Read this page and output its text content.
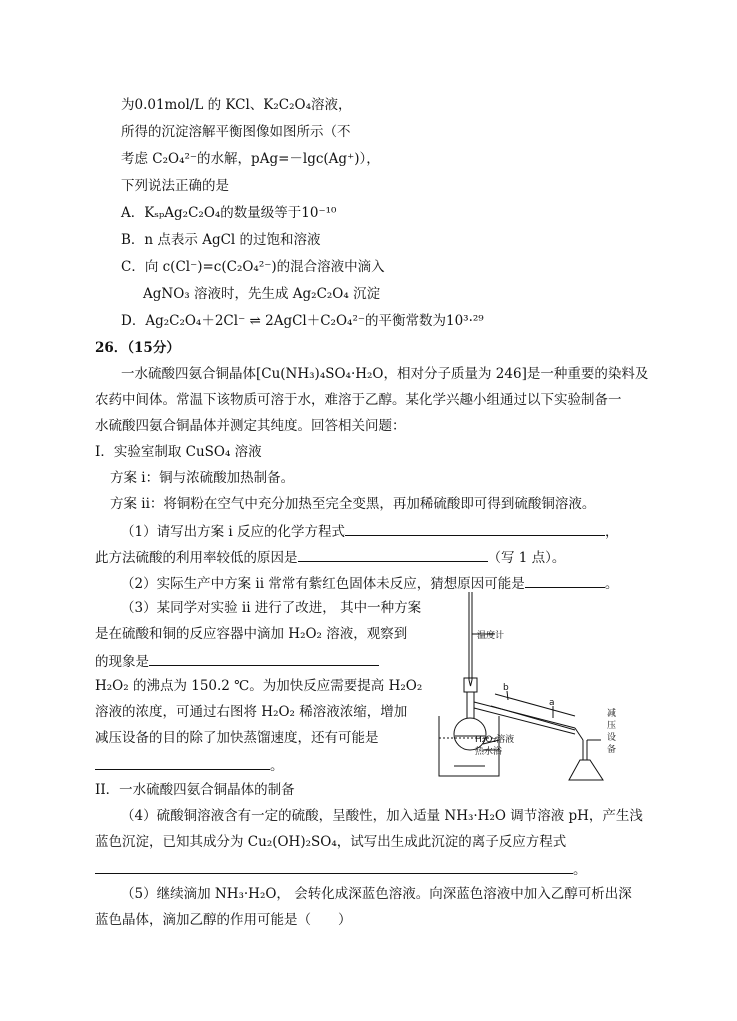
为0.01mol/L 的 KCl、K₂C₂O₄溶液，
所得的沉淀溶解平衡图像如图所示（不
考虑 C₂O₄²⁻的水解，pAg=－lgc(Ag⁺)），
下列说法正确的是
A．KₛₚAg₂C₂O₄的数量级等于10⁻¹⁰
B．n 点表示 AgCl 的过饱和溶液
C．向 c(Cl⁻)=c(C₂O₄²⁻)的混合溶液中滴入
AgNO₃ 溶液时，先生成 Ag₂C₂O₄ 沉淀
D．Ag₂C₂O₄＋2Cl⁻ ⇌ 2AgCl＋C₂O₄²⁻的平衡常数为10³·²⁹
26．（15分）
一水硫酸四氨合铜晶体[Cu(NH₃)₄SO₄·H₂O，相对分子质量为 246]是一种重要的染料及
农药中间体。常温下该物质可溶于水，难溶于乙醇。某化学兴趣小组通过以下实验制备一
水硫酸四氨合铜晶体并测定其纯度。回答相关问题：
I．实验室制取 CuSO₄ 溶液
方案 i：铜与浓硫酸加热制备。
方案 ii：将铜粉在空气中充分加热至完全变黑，再加稀硫酸即可得到硫酸铜溶液。
（1）请写出方案 i 反应的化学方程式	，
此方法硫酸的利用率较低的原因是	（写 1 点）。
（2）实际生产中方案 ii 常常有紫红色固体未反应，猜想原因可能是	。
（3）某同学对实验 ii 进行了改进， 其中一种方案
是在硫酸和铜的反应容器中滴加 H₂O₂ 溶液，观察到
的现象是
H₂O₂ 的沸点为 150.2 ℃。为加快反应需要提高 H₂O₂
溶液的浓度，可通过右图将 H₂O₂ 稀溶液浓缩，增加
减压设备的目的除了加快蒸馏速度，还有可能是
。
II．一水硫酸四氨合铜晶体的制备
（4）硫酸铜溶液含有一定的硫酸，呈酸性，加入适量 NH₃·H₂O 调节溶液 pH，产生浅
蓝色沉淀，已知其成分为 Cu₂(OH)₂SO₄，试写出生成此沉淀的离子反应方程式
。
（5）继续滴加 NH₃·H₂O， 会转化成深蓝色溶液。向深蓝色溶液中加入乙醇可析出深
蓝色晶体，滴加乙醇的作用可能是（　　）
温度计
b
a
H₂O₂溶液
热水浴
减
压
设
备
